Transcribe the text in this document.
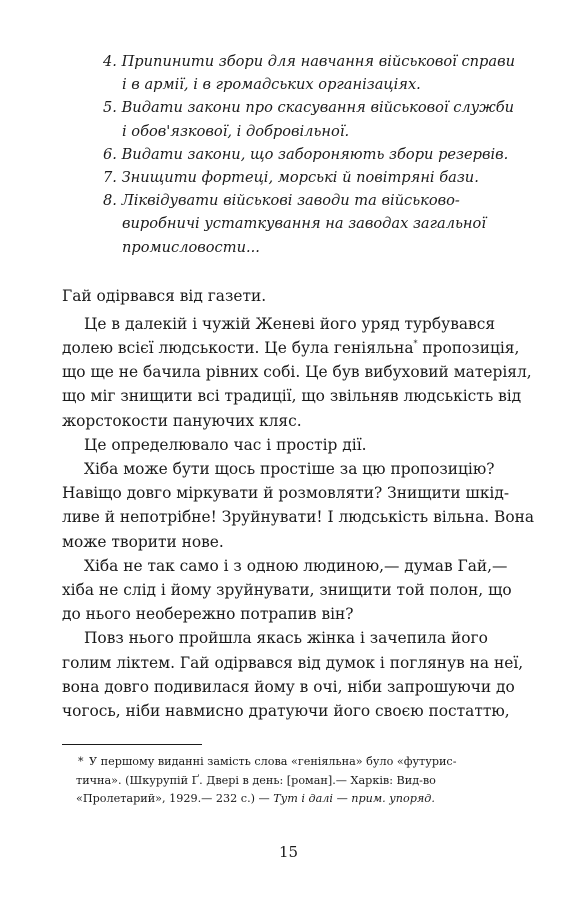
4. Припинити збори для навчання військової справи
і в армії, і в громадських організаціях.
5. Видати закони про скасування військової служби
і обов'язкової, і добровільної.
6. Видати закони, що забороняють збори резервів.
7. Знищити фортеці, морські й повітряні бази.
8. Ліквідувати військові заводи та військово-
виробничі устаткування на заводах загальної
промисловости...
Гай одірвався від газети.
Це в далекій і чужій Женеві його уряд турбувався
долею всієї людськости. Це була геніяльна* пропозиція,
що ще не бачила рівних собі. Це був вибуховий матеріял,
що міг знищити всі традиції, що звільняв людськість від
жорстокости пануючих кляс.
Це определювало час і простір дії.
Хіба може бути щось простіше за цю пропозицію?
Навіщо довго міркувати й розмовляти? Знищити шкід-
ливе й непотрібне! Зруйнувати! І людськість вільна. Вона
може творити нове.
Хіба не так само і з одною людиною,— думав Гай,—
хіба не слід і йому зруйнувати, знищити той полон, що
до нього необережно потрапив він?
Повз нього пройшла якась жінка і зачепила його
голим ліктем. Гай одірвався від думок і поглянув на неї,
вона довго подивилася йому в очі, ніби запрошуючи до
чогось, ніби навмисно дратуючи його своєю постаттю,
* У першому виданні замість слова «геніяльна» було «футурис-
тична». (Шкурупій Ґ. Двері в день: [роман].— Харків: Вид-во
«Пролетарий», 1929.— 232 с.) — Тут і далі — прим. упоряд.
15
